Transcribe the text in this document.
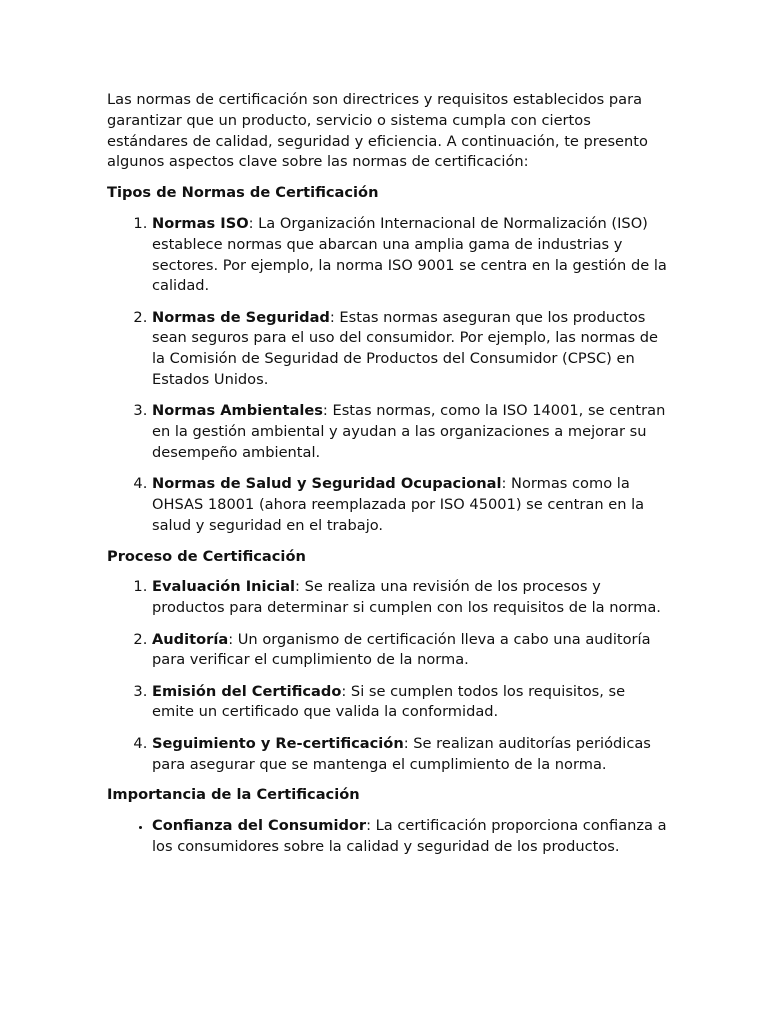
Las normas de certificación son directrices y requisitos establecidos para garantizar que un producto, servicio o sistema cumpla con ciertos estándares de calidad, seguridad y eficiencia. A continuación, te presento algunos aspectos clave sobre las normas de certificación:

Tipos de Normas de Certificación
1. Normas ISO: La Organización Internacional de Normalización (ISO) establece normas que abarcan una amplia gama de industrias y sectores. Por ejemplo, la norma ISO 9001 se centra en la gestión de la calidad.
2. Normas de Seguridad: Estas normas aseguran que los productos sean seguros para el uso del consumidor. Por ejemplo, las normas de la Comisión de Seguridad de Productos del Consumidor (CPSC) en Estados Unidos.
3. Normas Ambientales: Estas normas, como la ISO 14001, se centran en la gestión ambiental y ayudan a las organizaciones a mejorar su desempeño ambiental.
4. Normas de Salud y Seguridad Ocupacional: Normas como la OHSAS 18001 (ahora reemplazada por ISO 45001) se centran en la salud y seguridad en el trabajo.
Proceso de Certificación
1. Evaluación Inicial: Se realiza una revisión de los procesos y productos para determinar si cumplen con los requisitos de la norma.
2. Auditoría: Un organismo de certificación lleva a cabo una auditoría para verificar el cumplimiento de la norma.
3. Emisión del Certificado: Si se cumplen todos los requisitos, se emite un certificado que valida la conformidad.
4. Seguimiento y Re-certificación: Se realizan auditorías periódicas para asegurar que se mantenga el cumplimiento de la norma.
Importancia de la Certificación
• Confianza del Consumidor: La certificación proporciona confianza a los consumidores sobre la calidad y seguridad de los productos.
